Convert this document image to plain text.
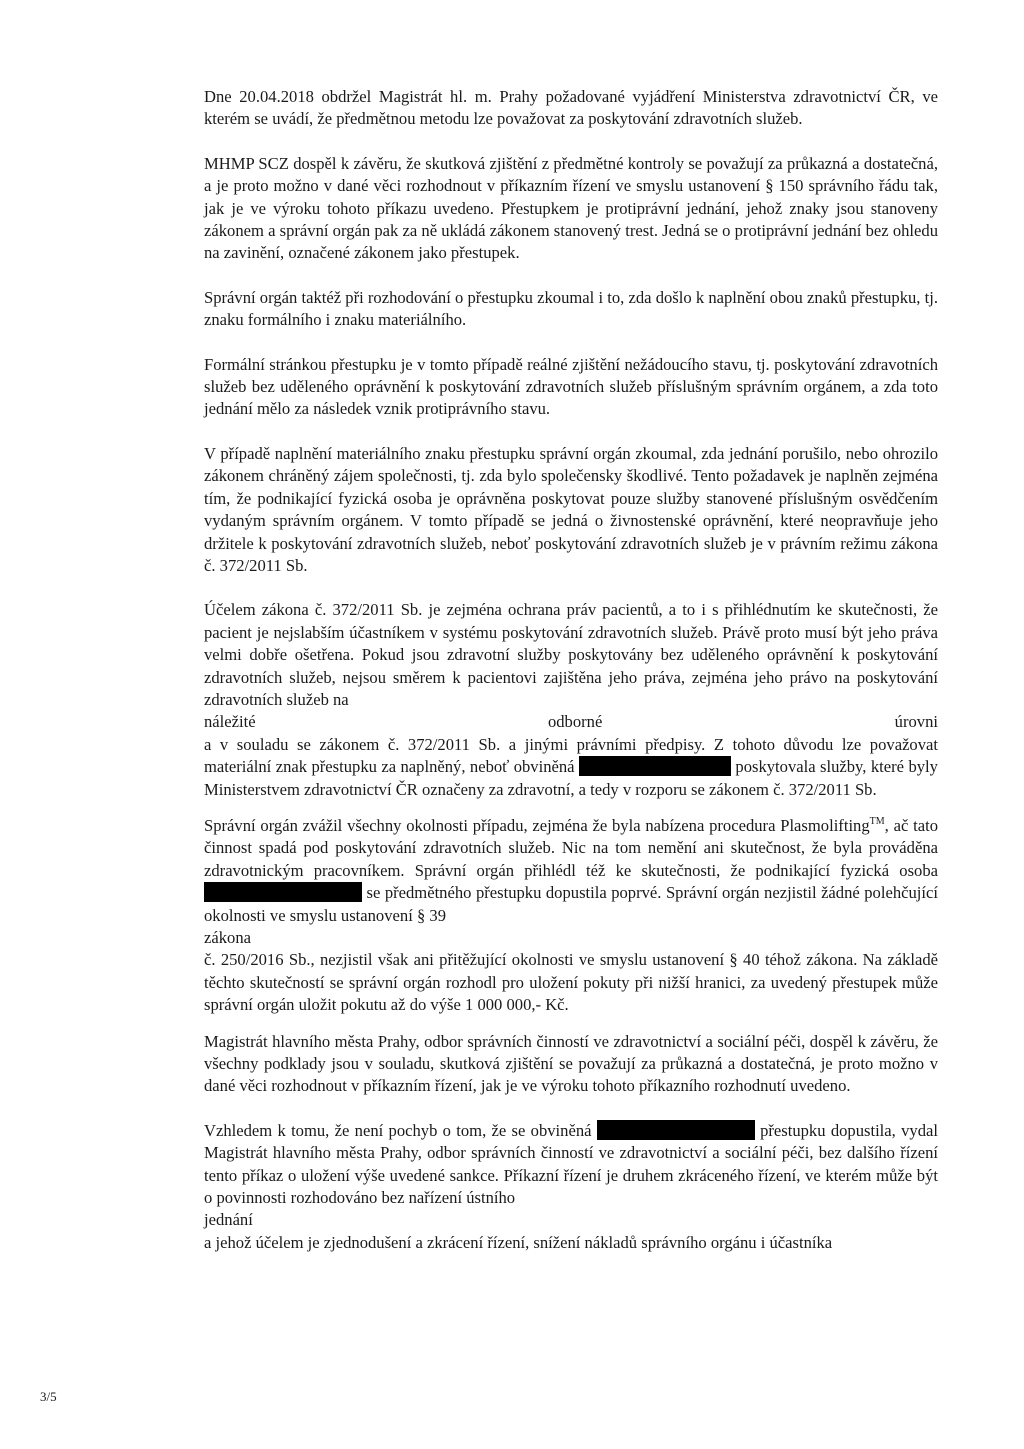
Dne 20.04.2018 obdržel Magistrát hl. m. Prahy požadované vyjádření Ministerstva zdravotnictví ČR, ve kterém se uvádí, že předmětnou metodu lze považovat za poskytování zdravotních služeb.

MHMP SCZ dospěl k závěru, že skutková zjištění z předmětné kontroly se považují za průkazná a dostatečná, a je proto možno v dané věci rozhodnout v příkazním řízení ve smyslu ustanovení § 150 správního řádu tak, jak je ve výroku tohoto příkazu uvedeno. Přestupkem je protiprávní jednání, jehož znaky jsou stanoveny zákonem a správní orgán pak za ně ukládá zákonem stanovený trest. Jedná se o protiprávní jednání bez ohledu na zavinění, označené zákonem jako přestupek.

Správní orgán taktéž při rozhodování o přestupku zkoumal i to, zda došlo k naplnění obou znaků přestupku, tj. znaku formálního i znaku materiálního.

Formální stránkou přestupku je v tomto případě reálné zjištění nežádoucího stavu, tj. poskytování zdravotních služeb bez uděleného oprávnění k poskytování zdravotních služeb příslušným správním orgánem, a zda toto jednání mělo za následek vznik protiprávního stavu.

V případě naplnění materiálního znaku přestupku správní orgán zkoumal, zda jednání porušilo, nebo ohrozilo zákonem chráněný zájem společnosti, tj. zda bylo společensky škodlivé. Tento požadavek je naplněn zejména tím, že podnikající fyzická osoba je oprávněna poskytovat pouze služby stanovené příslušným osvědčením vydaným správním orgánem. V tomto případě se jedná o živnostenské oprávnění, které neopravňuje jeho držitele k poskytování zdravotních služeb, neboť poskytování zdravotních služeb je v právním režimu zákona č. 372/2011 Sb.

Účelem zákona č. 372/2011 Sb. je zejména ochrana práv pacientů, a to i s přihlédnutím ke skutečnosti, že pacient je nejslabším účastníkem v systému poskytování zdravotních služeb. Právě proto musí být jeho práva velmi dobře ošetřena. Pokud jsou zdravotní služby poskytovány bez uděleného oprávnění k poskytování zdravotních služeb, nejsou směrem k pacientovi zajištěna jeho práva, zejména jeho právo na poskytování zdravotních služeb na

náležité	odborné	úrovni

a v souladu se zákonem č. 372/2011 Sb. a jinými právními předpisy. Z tohoto důvodu lze považovat materiální znak přestupku za naplněný, neboť obviněná	poskytovala služby, které byly Ministerstvem zdravotnictví ČR označeny za zdravotní, a tedy v rozporu se zákonem č. 372/2011 Sb.

Správní orgán zvážil všechny okolnosti případu, zejména že byla nabízena procedura Plasmolifting™, ač tato činnost spadá pod poskytování zdravotních služeb. Nic na tom nemění ani skutečnost, že byla prováděna zdravotnickým pracovníkem. Správní orgán přihlédl též ke skutečnosti, že podnikající fyzická osoba  se předmětného přestupku dopustila poprvé. Správní orgán nezjistil žádné polehčující okolnosti ve smyslu ustanovení § 39

zákona

č. 250/2016 Sb., nezjistil však ani přitěžující okolnosti ve smyslu ustanovení § 40 téhož zákona. Na základě těchto skutečností se správní orgán rozhodl pro uložení pokuty při nižší hranici, za uvedený přestupek může správní orgán uložit pokutu až do výše 1 000 000,- Kč.

Magistrát hlavního města Prahy, odbor správních činností ve zdravotnictví a sociální péči, dospěl k závěru, že všechny podklady jsou v souladu, skutková zjištění se považují za průkazná a dostatečná, je proto možno v dané věci rozhodnout v příkazním řízení, jak je ve výroku tohoto příkazního rozhodnutí uvedeno.

Vzhledem k tomu, že není pochyb o tom, že se obviněná	přestupku dopustila, vydal Magistrát hlavního města Prahy, odbor správních činností ve zdravotnictví a sociální péči, bez dalšího řízení tento příkaz o uložení výše uvedené sankce. Příkazní řízení je druhem zkráceného řízení, ve kterém může být o povinnosti rozhodováno bez nařízení ústního

jednání

a jehož účelem je zjednodušení a zkrácení řízení, snížení nákladů správního orgánu i účastníka

3/5
